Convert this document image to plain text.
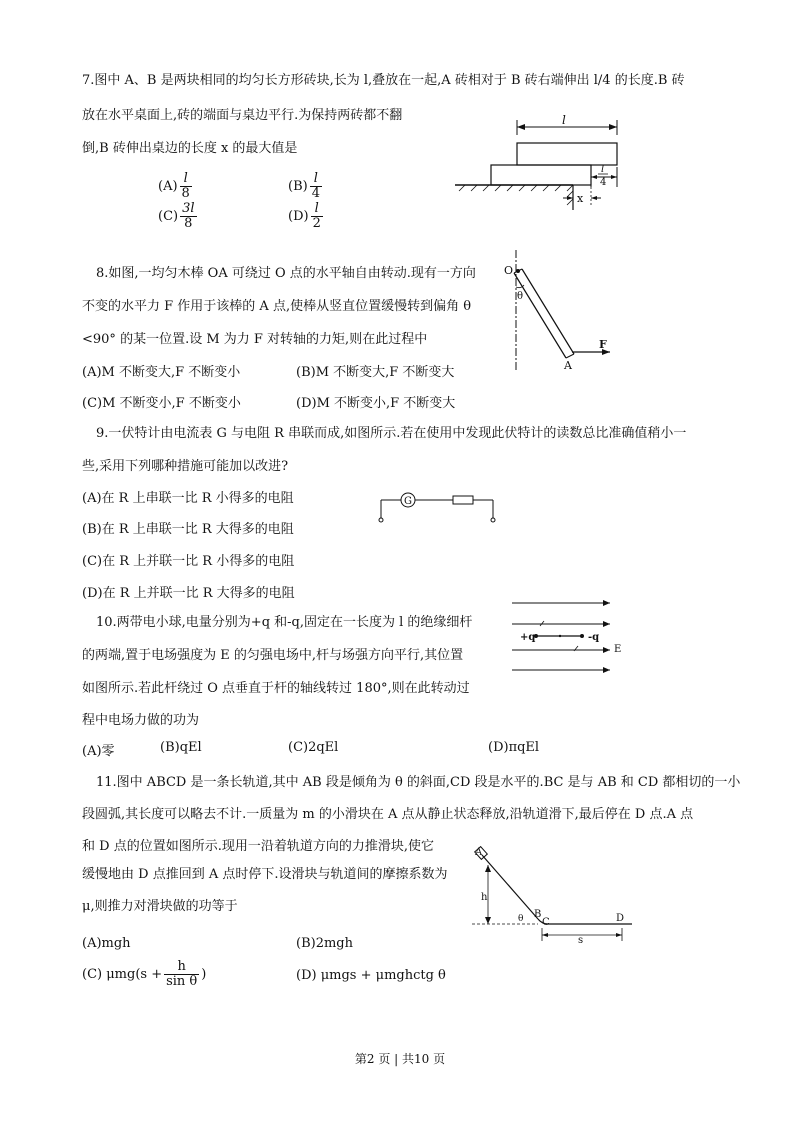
7.图中 A、B 是两块相同的均匀长方形砖块,长为 l,叠放在一起,A 砖相对于 B 砖右端伸出 l/4 的长度.B 砖
放在水平桌面上,砖的端面与桌边平行.为保持两砖都不翻
倒,B 砖伸出桌边的长度 x 的最大值是
$(A) \frac{l}{8}$	$(B) \frac{l}{4}$
$(C) \frac{3l}{8}$	$(D) \frac{l}{2}$
l
l
4
x
8.如图,一均匀木棒 OA 可绕过 O 点的水平轴自由转动.现有一方向
不变的水平力 F 作用于该棒的 A 点,使棒从竖直位置缓慢转到偏角 θ
<90° 的某一位置.设 M 为力 F 对转轴的力矩,则在此过程中
(A)M 不断变大,F 不断变小	(B)M 不断变大,F 不断变大
(C)M 不断变小,F 不断变小	(D)M 不断变小,F 不断变大
O
θ
F
A
9.一伏特计由电流表 G 与电阻 R 串联而成,如图所示.若在使用中发现此伏特计的读数总比准确值稍小一
些,采用下列哪种措施可能加以改进?
(A)在 R 上串联一比 R 小得多的电阻
(B)在 R 上串联一比 R 大得多的电阻
(C)在 R 上并联一比 R 小得多的电阻
(D)在 R 上并联一比 R 大得多的电阻
G
10.两带电小球,电量分别为+q 和-q,固定在一长度为 l 的绝缘细杆
的两端,置于电场强度为 E 的匀强电场中,杆与场强方向平行,其位置
如图所示.若此杆绕过 O 点垂直于杆的轴线转过 180°,则在此转动过
程中电场力做的功为
(A)零	(B)qEl	(C)2qEl	(D)πqEl
+q	-q
E
11.图中 ABCD 是一条长轨道,其中 AB 段是倾角为 θ 的斜面,CD 段是水平的.BC 是与 AB 和 CD 都相切的一小
段圆弧,其长度可以略去不计.一质量为 m 的小滑块在 A 点从静止状态释放,沿轨道滑下,最后停在 D 点.A 点
和 D 点的位置如图所示.现用一沿着轨道方向的力推滑块,使它
缓慢地由 D 点推回到 A 点时停下.设滑块与轨道间的摩擦系数为
μ,则推力对滑块做的功等于
(A)mgh	(B)2mgh
(C) $\mu mg(s + \frac{h}{\text{sin θ}}$ )	(D) μmgs + μmghctg θ
A
h
θ B
C	D
s
第2 页 | 共10 页
